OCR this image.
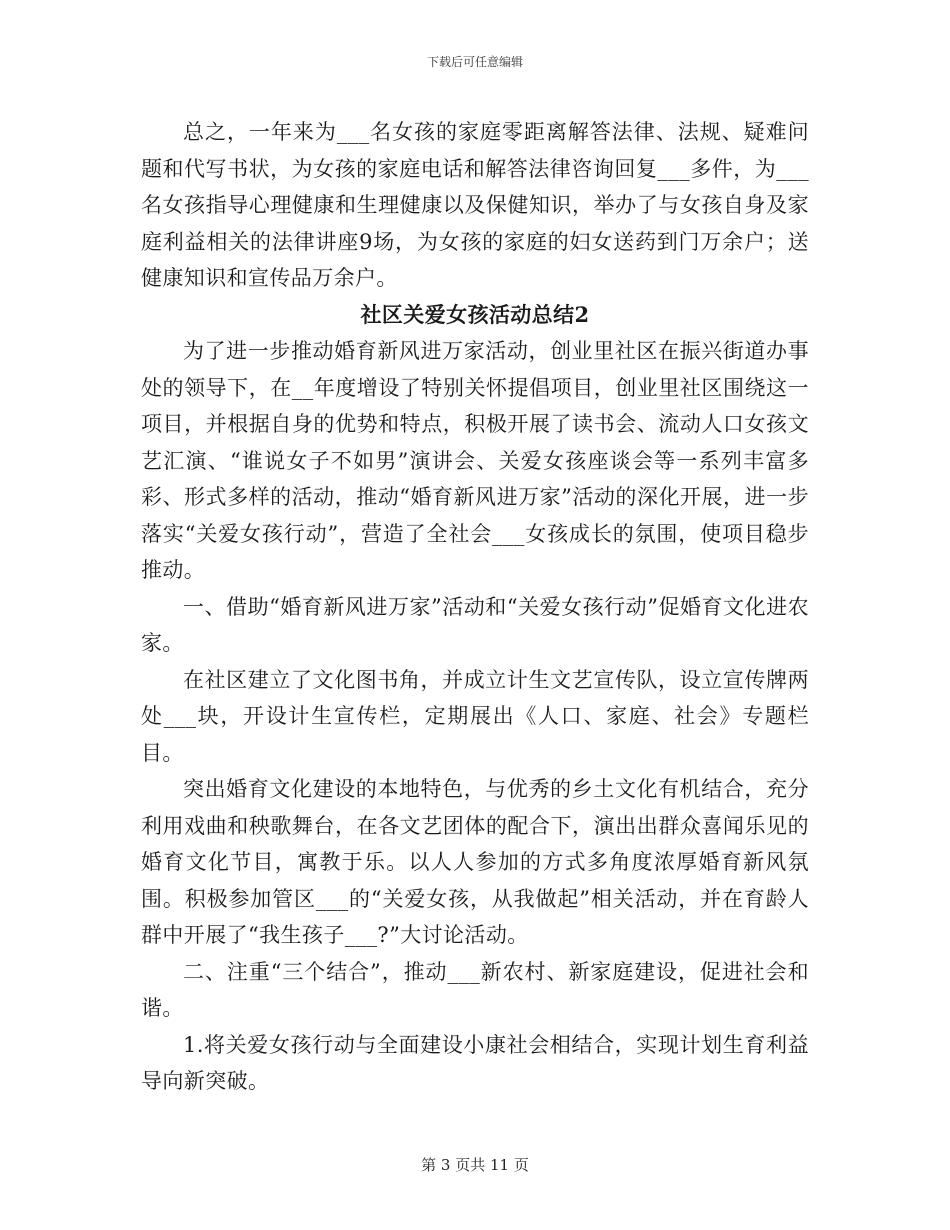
下载后可任意编辑

总之，一年来为___名女孩的家庭零距离解答法律、法规、疑难问题和代写书状，为女孩的家庭电话和解答法律咨询回复___多件，为___名女孩指导心理健康和生理健康以及保健知识，举办了与女孩自身及家庭利益相关的法律讲座9场，为女孩的家庭的妇女送药到门万余户；送健康知识和宣传品万余户。

社区关爱女孩活动总结2

为了进一步推动婚育新风进万家活动，创业里社区在振兴街道办事处的领导下，在__年度增设了特别关怀提倡项目，创业里社区围绕这一项目，并根据自身的优势和特点，积极开展了读书会、流动人口女孩文艺汇演、“谁说女子不如男”演讲会、关爱女孩座谈会等一系列丰富多彩、形式多样的活动，推动“婚育新风进万家”活动的深化开展，进一步落实“关爱女孩行动”，营造了全社会___女孩成长的氛围，使项目稳步推动。

一、借助“婚育新风进万家”活动和“关爱女孩行动”促婚育文化进农家。

在社区建立了文化图书角，并成立计生文艺宣传队，设立宣传牌两处___块，开设计生宣传栏，定期展出《人口、家庭、社会》专题栏目。

突出婚育文化建设的本地特色，与优秀的乡土文化有机结合，充分利用戏曲和秧歌舞台，在各文艺团体的配合下，演出出群众喜闻乐见的婚育文化节目，寓教于乐。以人人参加的方式多角度浓厚婚育新风氛围。积极参加管区___的“关爱女孩，从我做起”相关活动，并在育龄人群中开展了“我生孩子___?”大讨论活动。

二、注重“三个结合”，推动___新农村、新家庭建设，促进社会和谐。

1.将关爱女孩行动与全面建设小康社会相结合，实现计划生育利益导向新突破。

第 3 页共 11 页
